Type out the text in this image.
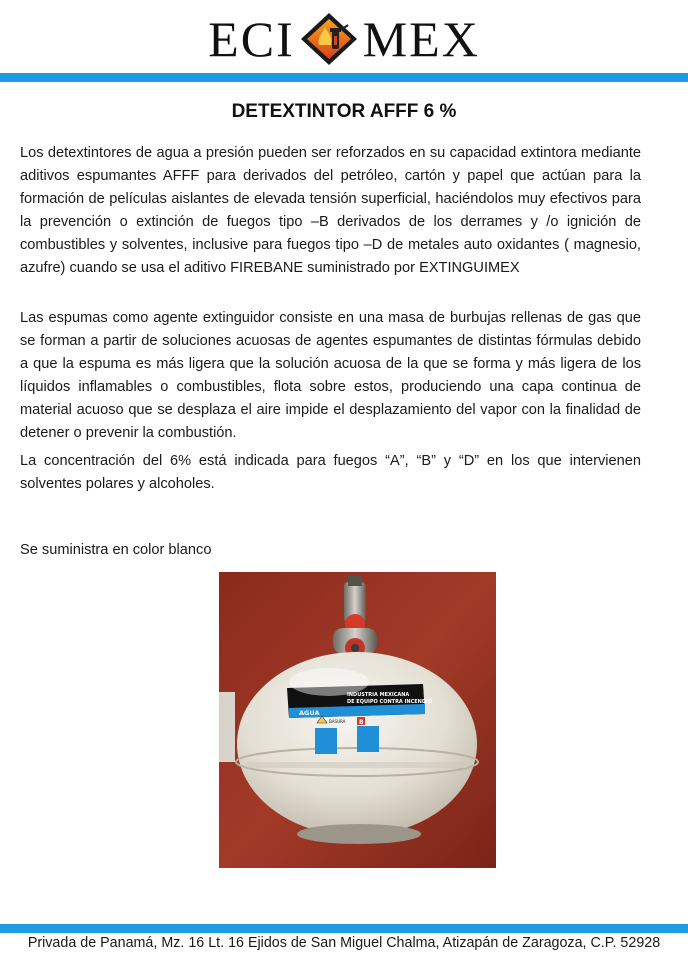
ECI MEX
DETEXTINTOR AFFF 6 %

Los detextintores de agua a presión pueden ser reforzados en su capacidad extintora mediante aditivos espumantes AFFF para derivados del petróleo, cartón y papel que actúan para la formación de películas aislantes de elevada tensión superficial, haciéndolos muy efectivos para la prevención o extinción de fuegos tipo –B derivados de los derrames y /o ignición de combustibles y solventes, inclusive para fuegos tipo –D de metales auto oxidantes ( magnesio, azufre) cuando se usa el aditivo FIREBANE suministrado por EXTINGUIMEX

Las espumas como agente extinguidor consiste en una masa de burbujas rellenas de gas que se forman a partir de soluciones acuosas de agentes espumantes de distintas fórmulas debido a que la espuma es más ligera que la solución acuosa de la que se forma y más ligera de los líquidos inflamables o combustibles, flota sobre estos, produciendo una capa continua de material acuoso que se desplaza el aire impide el desplazamiento del vapor con la finalidad de detener o prevenir la combustión.

La concentración del 6% está indicada para fuegos “A”, “B” y “D” en los que intervienen solventes polares y alcoholes.

Se suministra en color blanco

INDUSTRIA MEXICANA
DE EQUIPO CONTRA INCENDIO
AGUA
BASURA B
Privada de Panamá, Mz. 16 Lt. 16 Ejidos de San Miguel Chalma, Atizapán de Zaragoza, C.P. 52928
